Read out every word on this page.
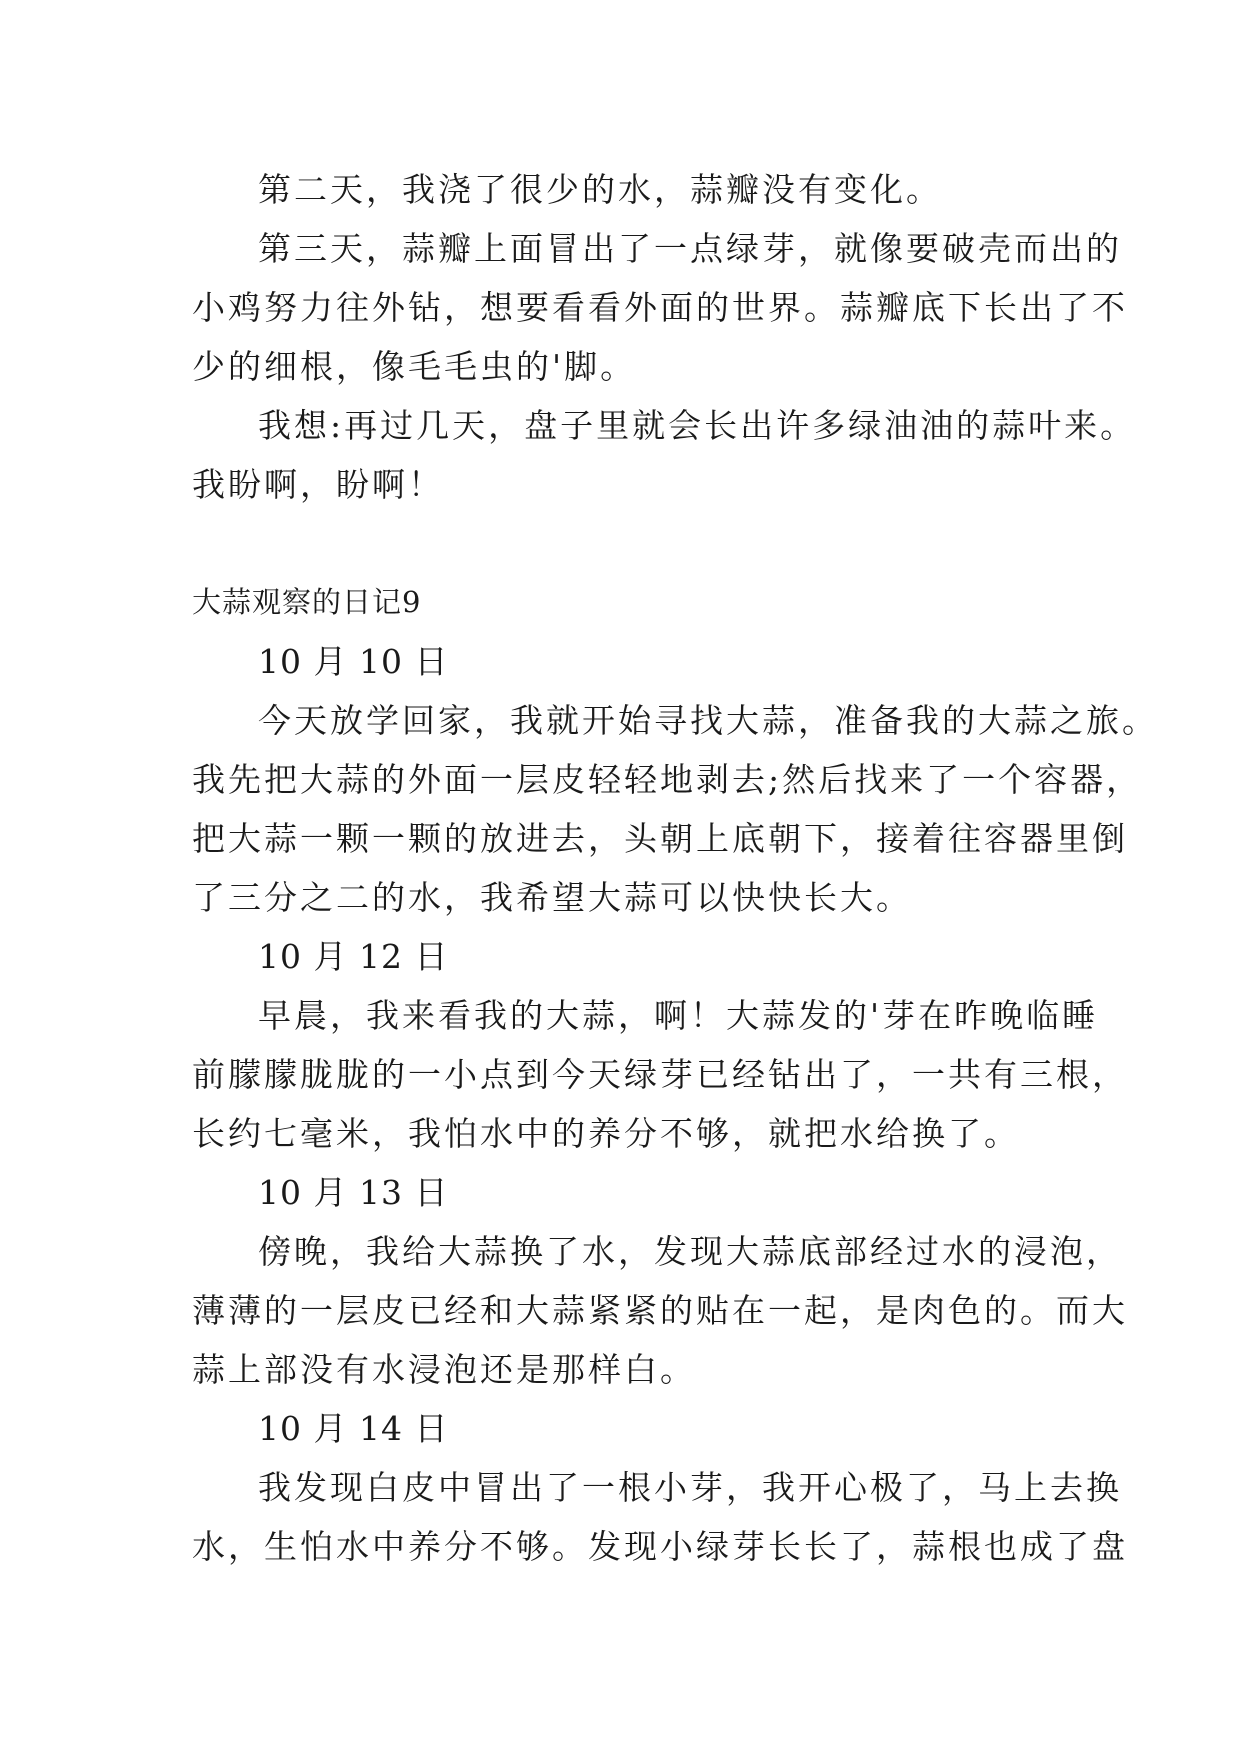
第二天，我浇了很少的水，蒜瓣没有变化。
第三天，蒜瓣上面冒出了一点绿芽，就像要破壳而出的
小鸡努力往外钻，想要看看外面的世界。蒜瓣底下长出了不
少的细根，像毛毛虫的'脚。
我想:再过几天，盘子里就会长出许多绿油油的蒜叶来。
我盼啊，盼啊！
大蒜观察的日记9
10 月 10 日
今天放学回家，我就开始寻找大蒜，准备我的大蒜之旅。
我先把大蒜的外面一层皮轻轻地剥去;然后找来了一个容器，
把大蒜一颗一颗的放进去，头朝上底朝下，接着往容器里倒
了三分之二的水，我希望大蒜可以快快长大。
10 月 12 日
早晨，我来看我的大蒜，啊！大蒜发的'芽在昨晚临睡
前朦朦胧胧的一小点到今天绿芽已经钻出了，一共有三根，
长约七毫米，我怕水中的养分不够，就把水给换了。
10 月 13 日
傍晚，我给大蒜换了水，发现大蒜底部经过水的浸泡，
薄薄的一层皮已经和大蒜紧紧的贴在一起，是肉色的。而大
蒜上部没有水浸泡还是那样白。
10 月 14 日
我发现白皮中冒出了一根小芽，我开心极了，马上去换
水，生怕水中养分不够。发现小绿芽长长了，蒜根也成了盘
